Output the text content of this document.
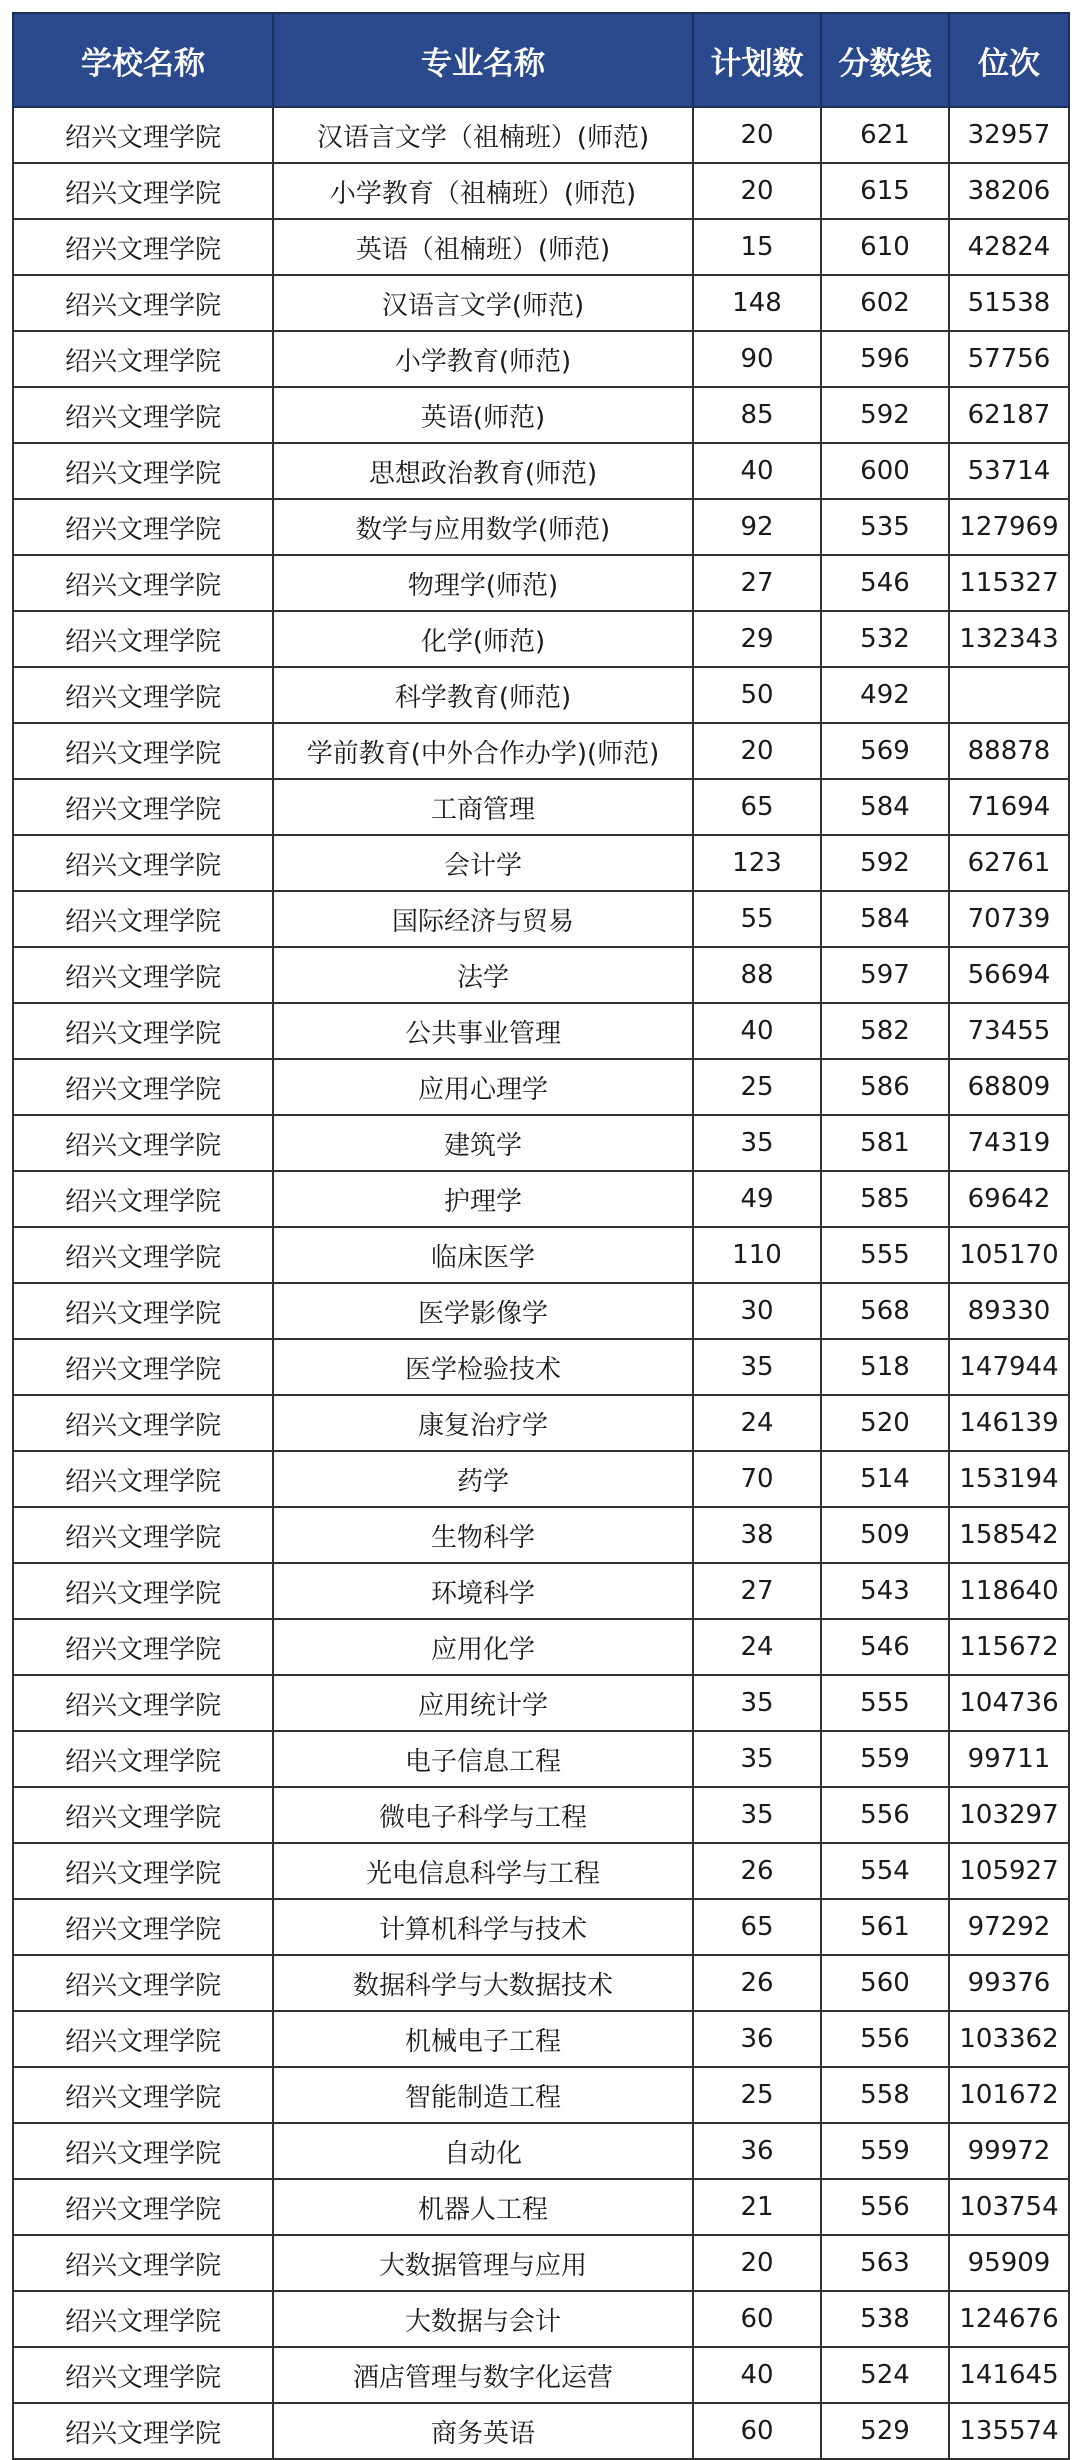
学校名称	专业名称	计划数	分数线	位次
绍兴文理学院	汉语言文学（祖楠班）(师范)	20	621	32957
绍兴文理学院	小学教育（祖楠班）(师范)	20	615	38206
绍兴文理学院	英语（祖楠班）(师范)	15	610	42824
绍兴文理学院	汉语言文学(师范)	148	602	51538
绍兴文理学院	小学教育(师范)	90	596	57756
绍兴文理学院	英语(师范)	85	592	62187
绍兴文理学院	思想政治教育(师范)	40	600	53714
绍兴文理学院	数学与应用数学(师范)	92	535	127969
绍兴文理学院	物理学(师范)	27	546	115327
绍兴文理学院	化学(师范)	29	532	132343
绍兴文理学院	科学教育(师范)	50	492	
绍兴文理学院	学前教育(中外合作办学)(师范)	20	569	88878
绍兴文理学院	工商管理	65	584	71694
绍兴文理学院	会计学	123	592	62761
绍兴文理学院	国际经济与贸易	55	584	70739
绍兴文理学院	法学	88	597	56694
绍兴文理学院	公共事业管理	40	582	73455
绍兴文理学院	应用心理学	25	586	68809
绍兴文理学院	建筑学	35	581	74319
绍兴文理学院	护理学	49	585	69642
绍兴文理学院	临床医学	110	555	105170
绍兴文理学院	医学影像学	30	568	89330
绍兴文理学院	医学检验技术	35	518	147944
绍兴文理学院	康复治疗学	24	520	146139
绍兴文理学院	药学	70	514	153194
绍兴文理学院	生物科学	38	509	158542
绍兴文理学院	环境科学	27	543	118640
绍兴文理学院	应用化学	24	546	115672
绍兴文理学院	应用统计学	35	555	104736
绍兴文理学院	电子信息工程	35	559	99711
绍兴文理学院	微电子科学与工程	35	556	103297
绍兴文理学院	光电信息科学与工程	26	554	105927
绍兴文理学院	计算机科学与技术	65	561	97292
绍兴文理学院	数据科学与大数据技术	26	560	99376
绍兴文理学院	机械电子工程	36	556	103362
绍兴文理学院	智能制造工程	25	558	101672
绍兴文理学院	自动化	36	559	99972
绍兴文理学院	机器人工程	21	556	103754
绍兴文理学院	大数据管理与应用	20	563	95909
绍兴文理学院	大数据与会计	60	538	124676
绍兴文理学院	酒店管理与数字化运营	40	524	141645
绍兴文理学院	商务英语	60	529	135574
